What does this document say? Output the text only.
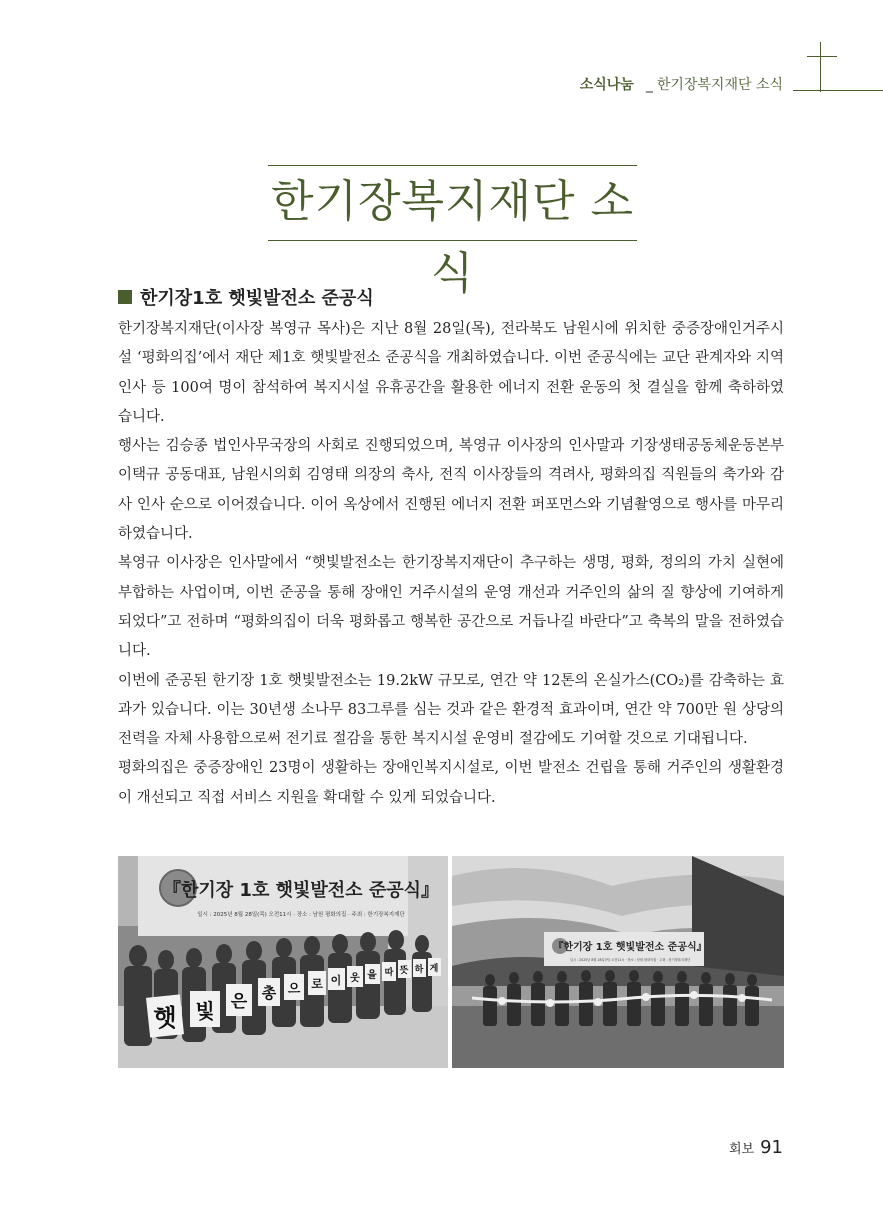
소식나눔 _ 한기장복지재단 소식
한기장복지재단 소식
한기장1호 햇빛발전소 준공식

한기장복지재단(이사장 복영규 목사)은 지난 8월 28일(목), 전라북도 남원시에 위치한 중증장애인거주시설 ‘평화의집’에서 재단 제1호 햇빛발전소 준공식을 개최하였습니다. 이번 준공식에는 교단 관계자와 지역 인사 등 100여 명이 참석하여 복지시설 유휴공간을 활용한 에너지 전환 운동의 첫 결실을 함께 축하하였습니다.

행사는 김승종 법인사무국장의 사회로 진행되었으며, 복영규 이사장의 인사말과 기장생태공동체운동본부 이택규 공동대표, 남원시의회 김영태 의장의 축사, 전직 이사장들의 격려사, 평화의집 직원들의 축가와 감사 인사 순으로 이어졌습니다. 이어 옥상에서 진행된 에너지 전환 퍼포먼스와 기념촬영으로 행사를 마무리하였습니다.

복영규 이사장은 인사말에서 “햇빛발전소는 한기장복지재단이 추구하는 생명, 평화, 정의의 가치 실현에 부합하는 사업이며, 이번 준공을 통해 장애인 거주시설의 운영 개선과 거주인의 삶의 질 향상에 기여하게 되었다”고 전하며 “평화의집이 더욱 평화롭고 행복한 공간으로 거듭나길 바란다”고 축복의 말을 전하였습니다.

이번에 준공된 한기장 1호 햇빛발전소는 19.2kW 규모로, 연간 약 12톤의 온실가스(CO₂)를 감축하는 효과가 있습니다. 이는 30년생 소나무 83그루를 심는 것과 같은 환경적 효과이며, 연간 약 700만 원 상당의 전력을 자체 사용함으로써 전기료 절감을 통한 복지시설 운영비 절감에도 기여할 것으로 기대됩니다.

평화의집은 중증장애인 23명이 생활하는 장애인복지시설로, 이번 발전소 건립을 통해 거주인의 생활환경이 개선되고 직접 서비스 지원을 확대할 수 있게 되었습니다.

『한기장 1호 햇빛발전소 준공식』
일시 : 2025년 8월 28일(목) 오전11시 · 장소 : 남원 평화의집 · 주최 : 한기장복지재단
햇 빛 은 총 으 로 이 웃 을 따 뜻 하 게
『한기장 1호 햇빛발전소 준공식』
일시 : 2025년 8월 28일(목) 오전11시 · 장소 : 남원 평화의집 · 주최 : 한기장복지재단
회보 91
